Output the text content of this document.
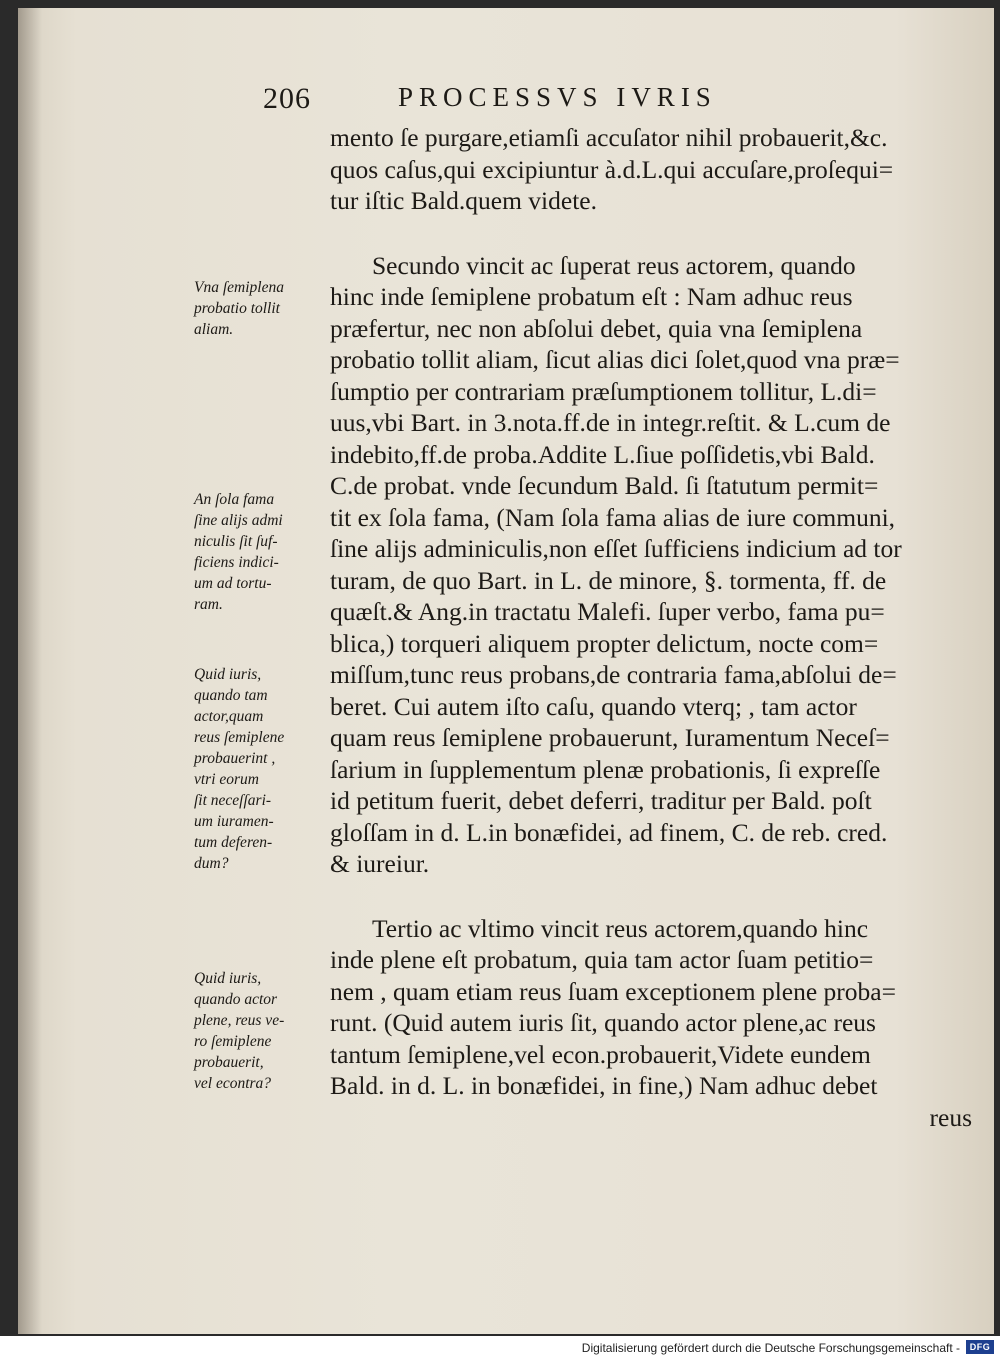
206	PROCESSVS IVRIS
mento ſe purgare,etiamſi accuſator nihil probauerit,&c.
quos caſus,qui excipiuntur à.d.L.qui accuſare,proſequi=
tur iſtic Bald.quem videte.
Secundo vincit ac ſuperat reus actorem, quando
hinc inde ſemiplene probatum eſt : Nam adhuc reus
præfertur, nec non abſolui debet, quia vna ſemiplena
probatio tollit aliam, ſicut alias dici ſolet,quod vna præ=
ſumptio per contrariam præſumptionem tollitur, L.di=
uus,vbi Bart. in 3.nota.ff.de in integr.reſtit. & L.cum de
indebito,ff.de proba.Addite L.ſiue poſſidetis,vbi Bald.
C.de probat. vnde ſecundum Bald. ſi ſtatutum permit=
tit ex ſola fama, (Nam ſola fama alias de iure communi,
ſine alijs adminiculis,non eſſet ſufficiens indicium ad tor
turam, de quo Bart. in L. de minore, §. tormenta, ff. de
quæſt.& Ang.in tractatu Malefi. ſuper verbo, fama pu=
blica,) torqueri aliquem propter delictum, nocte com=
miſſum,tunc reus probans,de contraria fama,abſolui de=
beret. Cui autem iſto caſu, quando vterq; , tam actor
quam reus ſemiplene probauerunt, Iuramentum Neceſ=
ſarium in ſupplementum plenæ probationis, ſi expreſſe
id petitum fuerit, debet deferri, traditur per Bald. poſt
gloſſam in d. L.in bonæfidei, ad finem, C. de reb. cred.
& iureiur.
Tertio ac vltimo vincit reus actorem,quando hinc
inde plene eſt probatum, quia tam actor ſuam petitio=
nem , quam etiam reus ſuam exceptionem plene proba=
runt. (Quid autem iuris ſit, quando actor plene,ac reus
tantum ſemiplene,vel econ.probauerit,Videte eundem
Bald. in d. L. in bonæfidei, in fine,) Nam adhuc debet
reus
Vna ſemiplena
probatio tollit
aliam.
An ſola fama
ſine alijs admi
niculis ſit ſuf-
ficiens indici-
um ad tortu-
ram.
Quid iuris,
quando tam
actor,quam
reus ſemiplene
probauerint ,
vtri eorum
ſit neceſſari-
um iuramen-
tum deferen-
dum?
Quid iuris,
quando actor
plene, reus ve-
ro ſemiplene
probauerit,
vel econtra?
Digitalisierung gefördert durch die Deutsche Forschungsgemeinschaft -	DFG
